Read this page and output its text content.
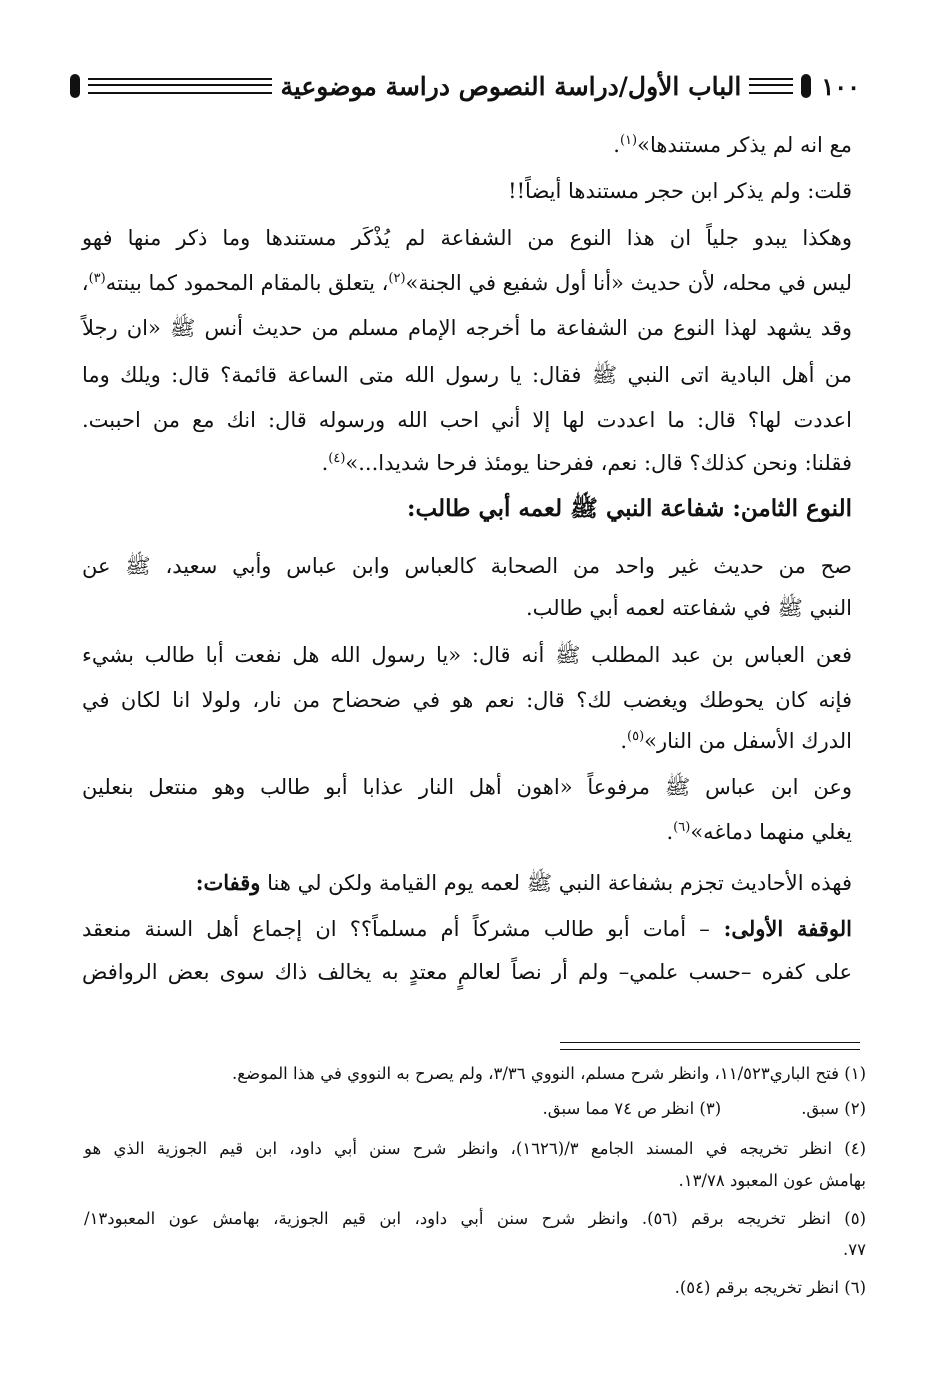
١٠٠
الباب الأول/دراسة النصوص دراسة موضوعية
مع انه لم يذكر مستندها»$^{(١)}$.
قلت: ولم يذكر ابن حجر مستندها أيضاً!!
وهكذا يبدو جلياً ان هذا النوع من الشفاعة لم يُذْكَر مستندها وما ذكر منها فهو
ليس في محله، لأن حديث «أنا أول شفيع في الجنة»$^{(٢)}$، يتعلق بالمقام المحمود كما بينته$^{(٣)}$،
وقد يشهد لهذا النوع من الشفاعة ما أخرجه الإمام مسلم من حديث أنس ﷺ «ان رجلاً
من أهل البادية اتى النبي ﷺ فقال: يا رسول الله متى الساعة قائمة؟ قال: ويلك وما
اعددت لها؟ قال: ما اعددت لها إلا أني احب الله ورسوله قال: انك مع من احببت.
فقلنا: ونحن كذلك؟ قال: نعم، ففرحنا يومئذ فرحا شديدا...»$^{(٤)}$.
النوع الثامن: شفاعة النبي ﷺ لعمه أبي طالب:
صح من حديث غير واحد من الصحابة كالعباس وابن عباس وأبي سعيد، ﷺ عن
النبي ﷺ في شفاعته لعمه أبي طالب.
فعن العباس بن عبد المطلب ﷺ أنه قال: «يا رسول الله هل نفعت أبا طالب بشيء
فإنه كان يحوطك ويغضب لك؟ قال: نعم هو في ضحضاح من نار، ولولا انا لكان في
الدرك الأسفل من النار»$^{(٥)}$.
وعن ابن عباس ﷺ مرفوعاً «اهون أهل النار عذابا أبو طالب وهو منتعل بنعلين
يغلي منهما دماغه»$^{(٦)}$.
فهذه الأحاديث تجزم بشفاعة النبي ﷺ لعمه يوم القيامة ولكن لي هنا وقفات:
الوقفة الأولى: – أمات أبو طالب مشركاً أم مسلماً؟؟ ان إجماع أهل السنة منعقد
على كفره –حسب علمي– ولم أر نصاً لعالمٍ معتدٍ به يخالف ذاك سوى بعض الروافض
(١) فتح الباري١١/٥٢٣، وانظر شرح مسلم، النووي ٣/٣٦، ولم يصرح به النووي في هذا الموضع.
(٢) سبق.(٣) انظر ص ٧٤ مما سبق.
(٤) انظر تخريجه في المسند الجامع ٣/(١٦٢٦)، وانظر شرح سنن أبي داود، ابن قيم الجوزية الذي هو
بهامش عون المعبود ١٣/٧٨.
(٥) انظر تخريجه برقم (٥٦). وانظر شرح سنن أبي داود، ابن قيم الجوزية، بهامش عون المعبود١٣/
٧٧.
(٦) انظر تخريجه برقم (٥٤).
